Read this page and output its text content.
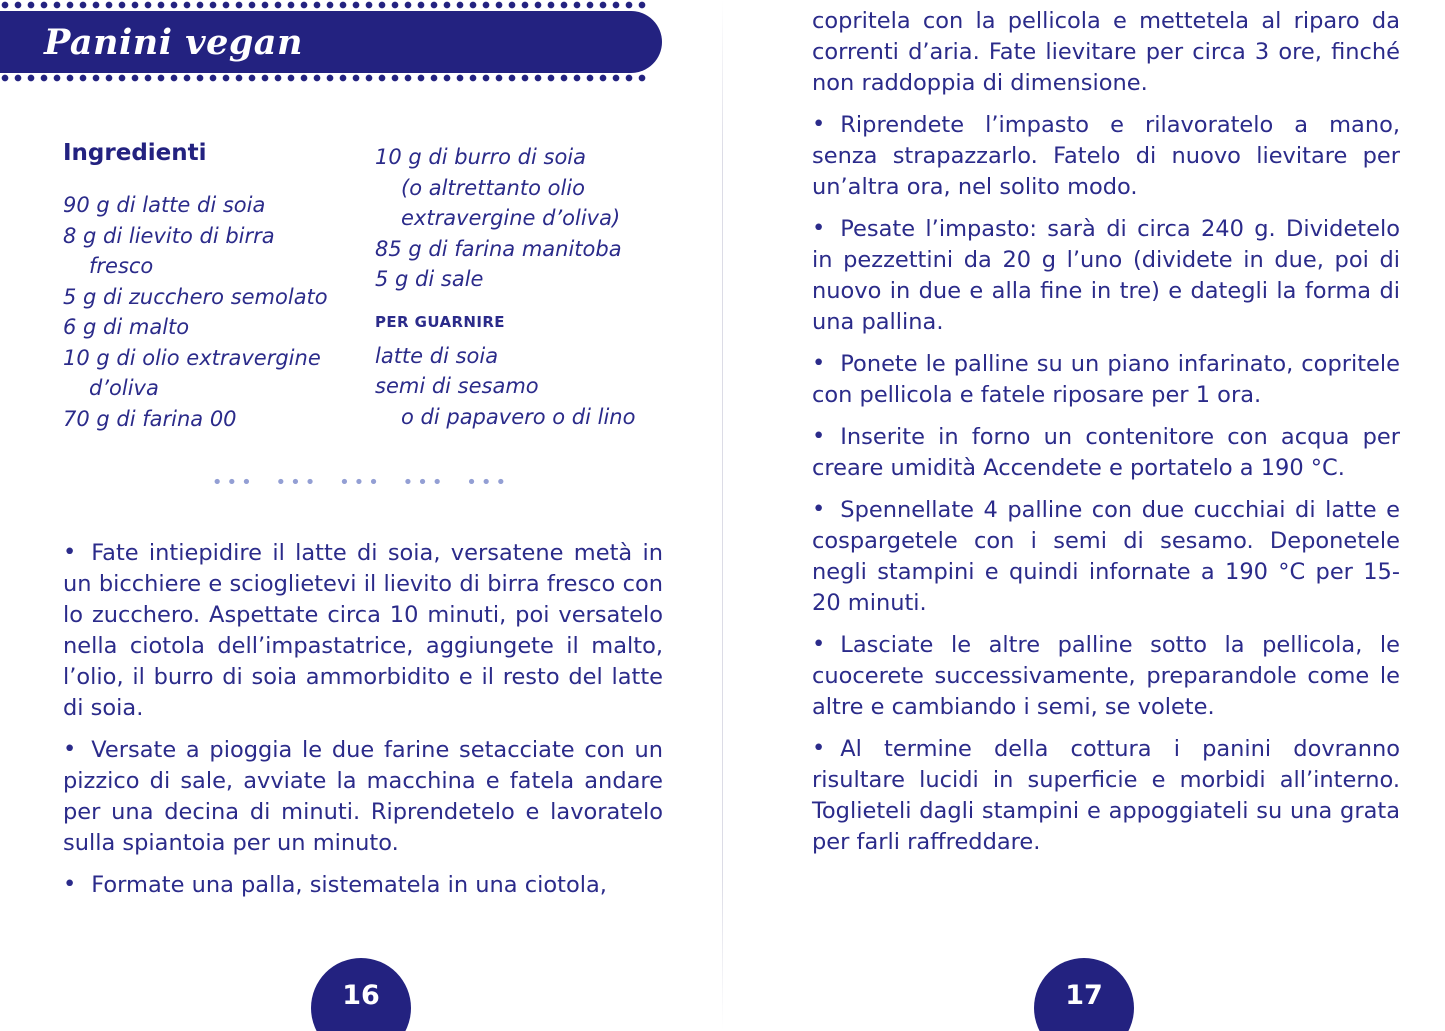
Panini vegan
Ingredienti
90 g di latte di soia
8 g di lievito di birra
fresco
5 g di zucchero semolato
6 g di malto
10 g di olio extravergine
d’oliva
70 g di farina 00
10 g di burro di soia
(o altrettanto olio
extravergine d’oliva)
85 g di farina manitoba
5 g di sale
PER GUARNIRE
latte di soia
semi di sesamo
o di papavero o di lino
••• ••• ••• ••• •••
• Fate intiepidire il latte di soia, versatene metà in un bicchiere e scioglietevi il lievito di birra fresco con lo zucchero. Aspettate circa 10 minuti, poi versatelo nella ciotola dell’impastatrice, aggiungete il malto, l’olio, il burro di soia ammorbidito e il resto del latte di soia.
• Versate a pioggia le due farine setacciate con un pizzico di sale, avviate la macchina e fatela andare per una decina di minuti. Riprendetelo e lavoratelo sulla spiantoia per un minuto.
• Formate una palla, sistematela in una ciotola,
16
copritela con la pellicola e mettetela al riparo da correnti d’aria. Fate lievitare per circa 3 ore, finché non raddoppia di dimensione.
• Riprendete l’impasto e rilavoratelo a mano, senza strapazzarlo. Fatelo di nuovo lievitare per un’altra ora, nel solito modo.
• Pesate l’impasto: sarà di circa 240 g. Dividetelo in pezzettini da 20 g l’uno (dividete in due, poi di nuovo in due e alla fine in tre) e dategli la forma di una pallina.
• Ponete le palline su un piano infarinato, copritele con pellicola e fatele riposare per 1 ora.
• Inserite in forno un contenitore con acqua per creare umidità Accendete e portatelo a 190 °C.
• Spennellate 4 palline con due cucchiai di latte e cospargetele con i semi di sesamo. Deponetele negli stampini e quindi infornate a 190 °C per 15-20 minuti.
• Lasciate le altre palline sotto la pellicola, le cuocerete successivamente, preparandole come le altre e cambiando i semi, se volete.
• Al termine della cottura i panini dovranno risultare lucidi in superficie e morbidi all’interno. Toglieteli dagli stampini e appoggiateli su una grata per farli raffreddare.
17
